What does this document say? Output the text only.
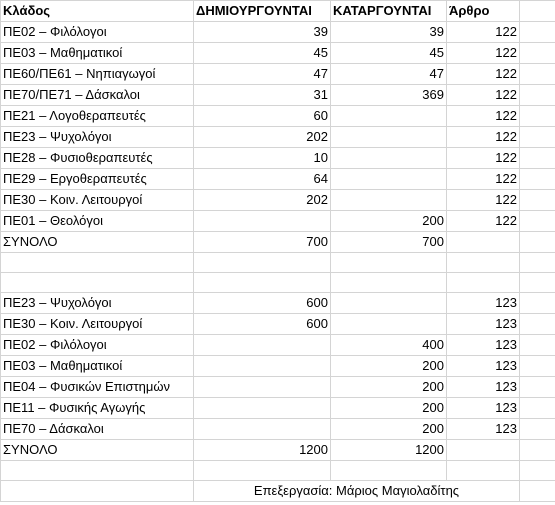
Κλάδος	ΔΗΜΙΟΥΡΓΟΥΝΤΑΙ	ΚΑΤΑΡΓΟΥΝΤΑΙ	Άρθρο	
ΠΕ02 – Φιλόλογοι	39	39	122	
ΠΕ03 – Μαθηματικοί	45	45	122	
ΠΕ60/ΠΕ61 – Νηπιαγωγοί	47	47	122	
ΠΕ70/ΠΕ71 – Δάσκαλοι	31	369	122	
ΠΕ21 – Λογοθεραπευτές	60		122	
ΠΕ23 – Ψυχολόγοι	202		122	
ΠΕ28 – Φυσιοθεραπευτές	10		122	
ΠΕ29 – Εργοθεραπευτές	64		122	
ΠΕ30 – Κοιν. Λειτουργοί	202		122	
ΠΕ01 – Θεολόγοι		200	122	
ΣΥΝΟΛΟ	700	700		

ΠΕ23 – Ψυχολόγοι	600		123	
ΠΕ30 – Κοιν. Λειτουργοί	600		123	
ΠΕ02 – Φιλόλογοι		400	123	
ΠΕ03 – Μαθηματικοί		200	123	
ΠΕ04 – Φυσικών Επιστημών		200	123	
ΠΕ11 – Φυσικής Αγωγής		200	123	
ΠΕ70 – Δάσκαλοι		200	123	
ΣΥΝΟΛΟ	1200	1200		

	Επεξεργασία: Μάριος Μαγιολαδίτης			
